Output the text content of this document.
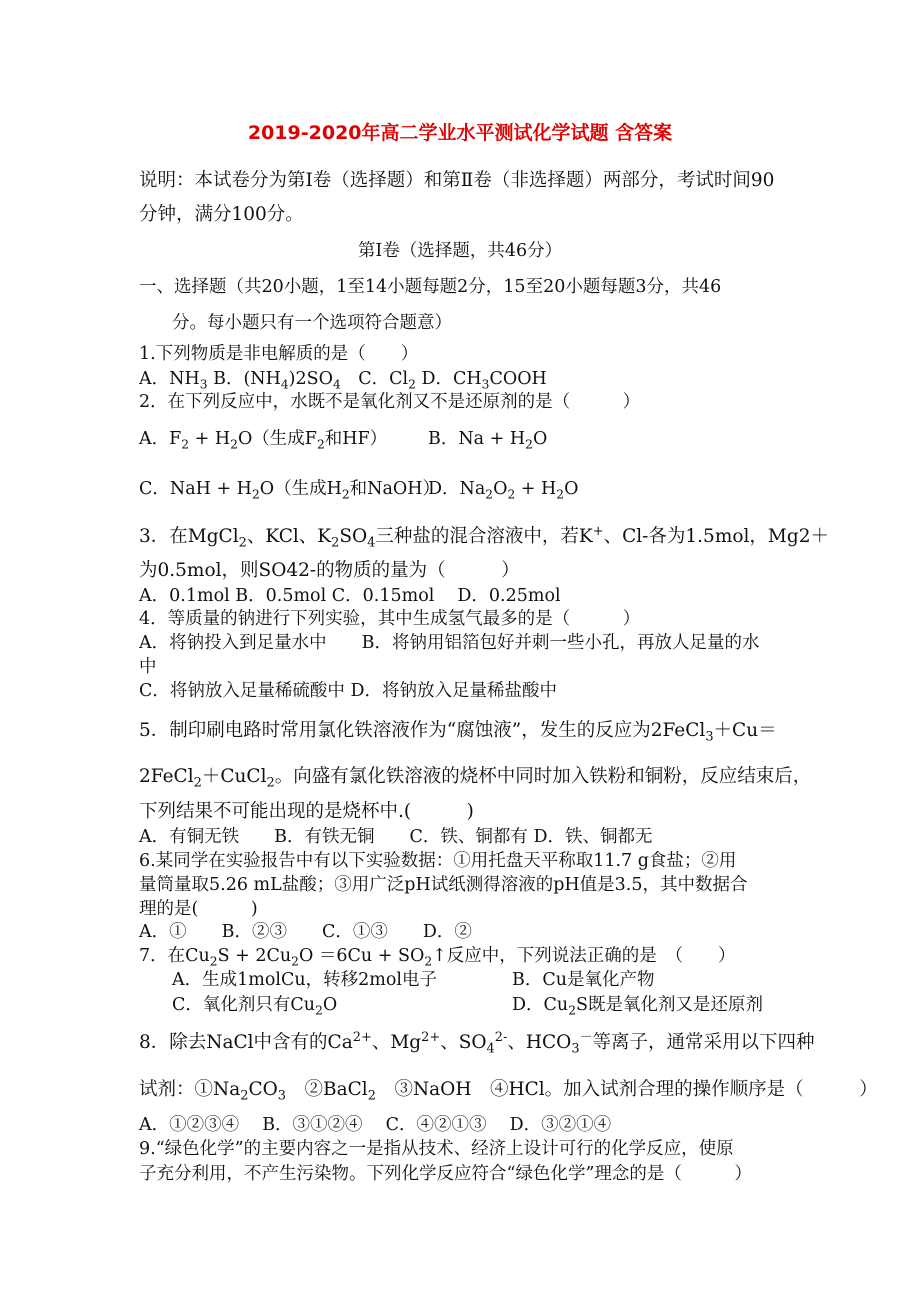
2019-2020年高二学业水平测试化学试题 含答案
说明：本试卷分为第Ⅰ卷（选择题）和第Ⅱ卷（非选择题）两部分，考试时间90
分钟，满分100分。
第Ⅰ卷（选择题，共46分）
一、选择题（共20小题，1至14小题每题2分，15至20小题每题3分，共46
分。每小题只有一个选项符合题意）
1.下列物质是非电解质的是（　　）
A．$NH_3$ B．$(NH_4)2SO_4$　C．$Cl_2$ D．$CH_3COOH$
2．在下列反应中，水既不是氧化剂又不是还原剂的是（　　　）
A．$F_2 + H_2O$（生成$F_2$和HF） B．$Na + H_2O$
C．NaH + $H_2O$（生成$H_2$和NaOH）
D．$Na_2O_2 + H_2O$
3．在MgCl$_2$、KCl、$K_2SO_4$三种盐的混合溶液中，若K+、Cl-各为1.5mol，Mg2＋
为0.5mol，则SO42-的物质的量为（　　　）
A．0.1mol B．0.5mol C．0.15mol　 D．0.25mol
4．等质量的钠进行下列实验，其中生成氢气最多的是（　　　）
A．将钠投入到足量水中　　B．将钠用铝箔包好并刺一些小孔，再放人足量的水
中
C．将钠放入足量稀硫酸中 D．将钠放入足量稀盐酸中
5．制印刷电路时常用氯化铁溶液作为“腐蚀液”，发生的反应为2FeCl$_3$＋Cu＝
2FeCl$_2$＋CuCl$_2$。向盛有氯化铁溶液的烧杯中同时加入铁粉和铜粉，反应结束后，
下列结果不可能出现的是烧杯中.(　　　)
A．有铜无铁　　B．有铁无铜　　C．铁、铜都有 D．铁、铜都无
6.某同学在实验报告中有以下实验数据：①用托盘天平称取11.7 g食盐；②用
量筒量取5.26 mL盐酸；③用广泛pH试纸测得溶液的pH值是3.5，其中数据合
理的是(　　　)
A．①　　B．②③　　C．①③　　D．②
7．在$Cu_2S + 2Cu_2O =6Cu$ + $SO_2↑$反应中，下列说法正确的是　（　　）
A．生成1molCu，转移2mol电子	B．Cu是氧化产物
C．氧化剂只有$Cu_2O$	D．$Cu_2S$既是氧化剂又是还原剂
8．除去NaCl中含有的$Ca^{2+}$、$Mg^{2+}$、$SO_4^{2-}$、$HCO_3^-$等离子，通常采用以下四种
试剂：$①Na_2CO_3$　②BaCl$_2$　③NaOH　④HCl。加入试剂合理的操作顺序是（　　　）
A．①②③④　 B．③①②④　 C．④②①③　 D．③②①④
9.“绿色化学”的主要内容之一是指从技术、经济上设计可行的化学反应，使原
子充分利用，不产生污染物。下列化学反应符合“绿色化学”理念的是（　　　）
